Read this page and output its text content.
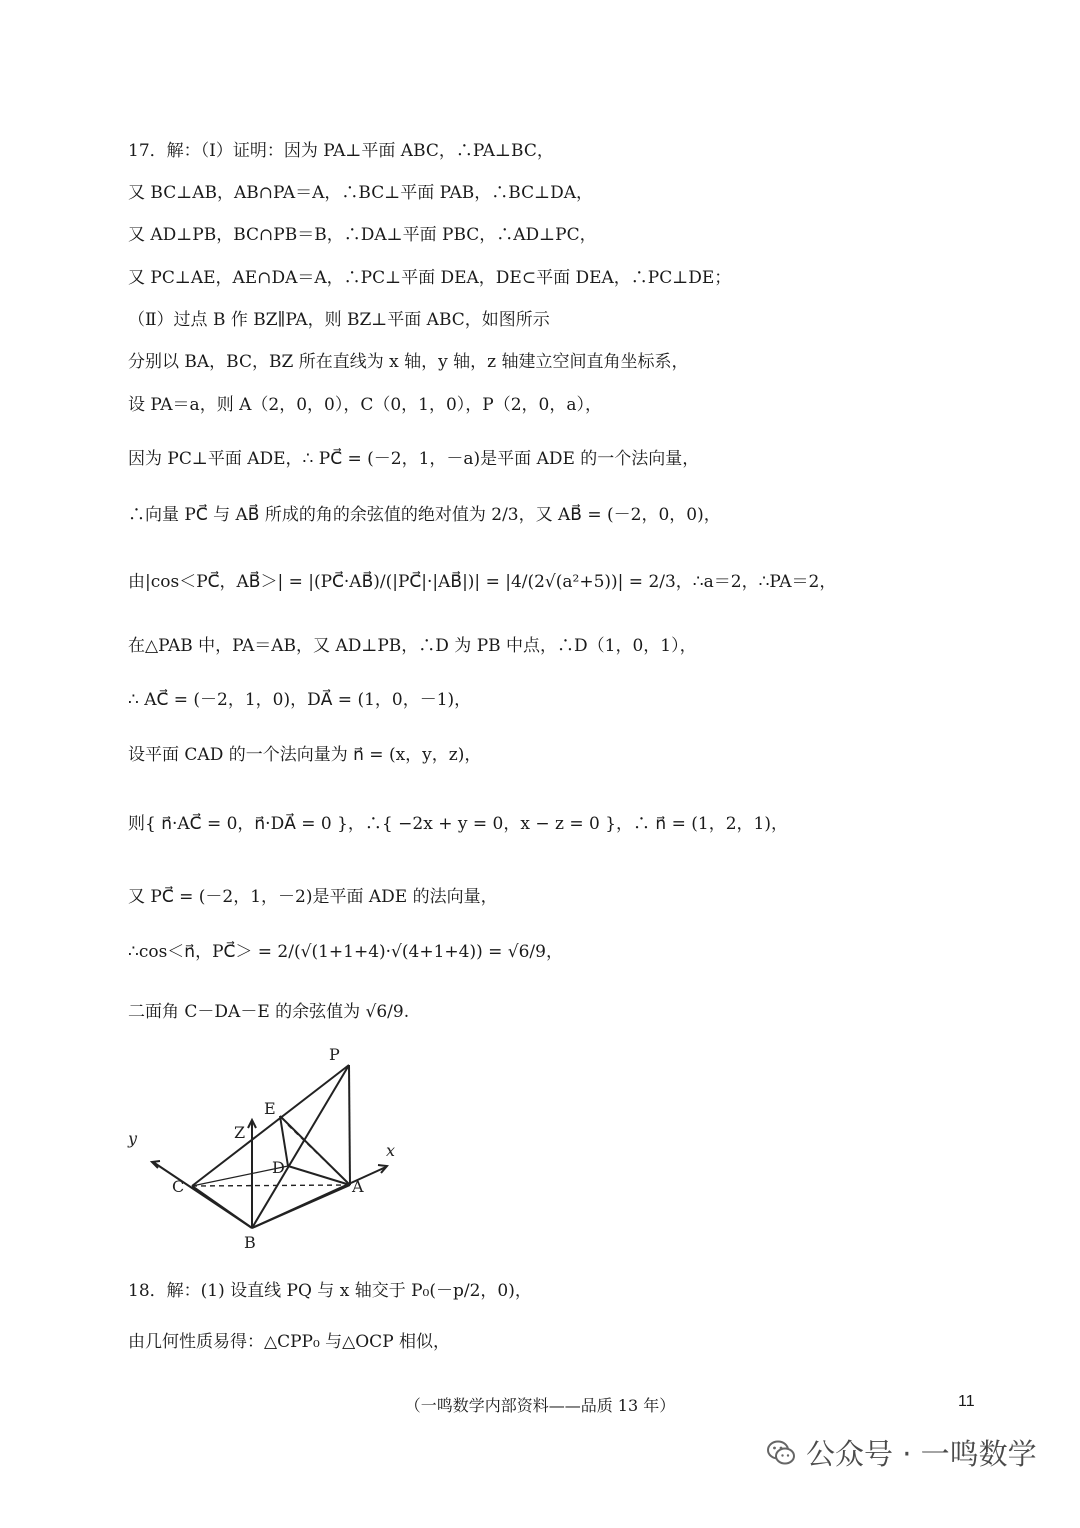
17．解：（Ⅰ）证明：因为 PA⊥平面 ABC，∴PA⊥BC，
又 BC⊥AB，AB∩PA＝A，∴BC⊥平面 PAB，∴BC⊥DA，
又 AD⊥PB，BC∩PB＝B，∴DA⊥平面 PBC，∴AD⊥PC，
又 PC⊥AE，AE∩DA＝A，∴PC⊥平面 DEA，DE⊂平面 DEA，∴PC⊥DE；
（Ⅱ）过点 B 作 BZ∥PA，则 BZ⊥平面 ABC，如图所示
分别以 BA，BC，BZ 所在直线为 x 轴，y 轴，z 轴建立空间直角坐标系，
设 PA＝a，则 A（2，0，0），C（0，1，0），P（2，0，a），
因为 PC⊥平面 ADE，∴ PC⃗ = (－2，1，－a)是平面 ADE 的一个法向量，
∴向量 PC⃗ 与 AB⃗ 所成的角的余弦值的绝对值为 2/3，又 AB⃗ = (－2，0，0)，
由|cos＜PC⃗，AB⃗＞| = |(PC⃗·AB⃗)/(|PC⃗|·|AB⃗|)| = |4/(2√(a²+5))| = 2/3，∴a＝2，∴PA＝2，
在△PAB 中，PA＝AB，又 AD⊥PB，∴D 为 PB 中点，∴D（1，0，1），
∴ AC⃗ = (－2，1，0)，DA⃗ = (1，0，－1)，
设平面 CAD 的一个法向量为 n⃗ = (x，y，z)，
则{ n⃗·AC⃗ = 0，n⃗·DA⃗ = 0 }，∴{ −2x + y = 0，x − z = 0 }，∴ n⃗ = (1，2，1)，
又 PC⃗ = (－2，1，－2)是平面 ADE 的法向量，
∴cos＜n⃗，PC⃗＞ = 2/(√(1+1+4)·√(4+1+4)) = √6/9，
二面角 C－DA－E 的余弦值为 √6/9.
P
E
Z
D
C	A
B
x
y
18．解：(1) 设直线 PQ 与 x 轴交于 P₀(－p/2，0)，
由几何性质易得：△CPP₀ 与△OCP 相似，
（一鸣数学内部资料——品质 13 年）	11
公众号 · 一鸣数学
